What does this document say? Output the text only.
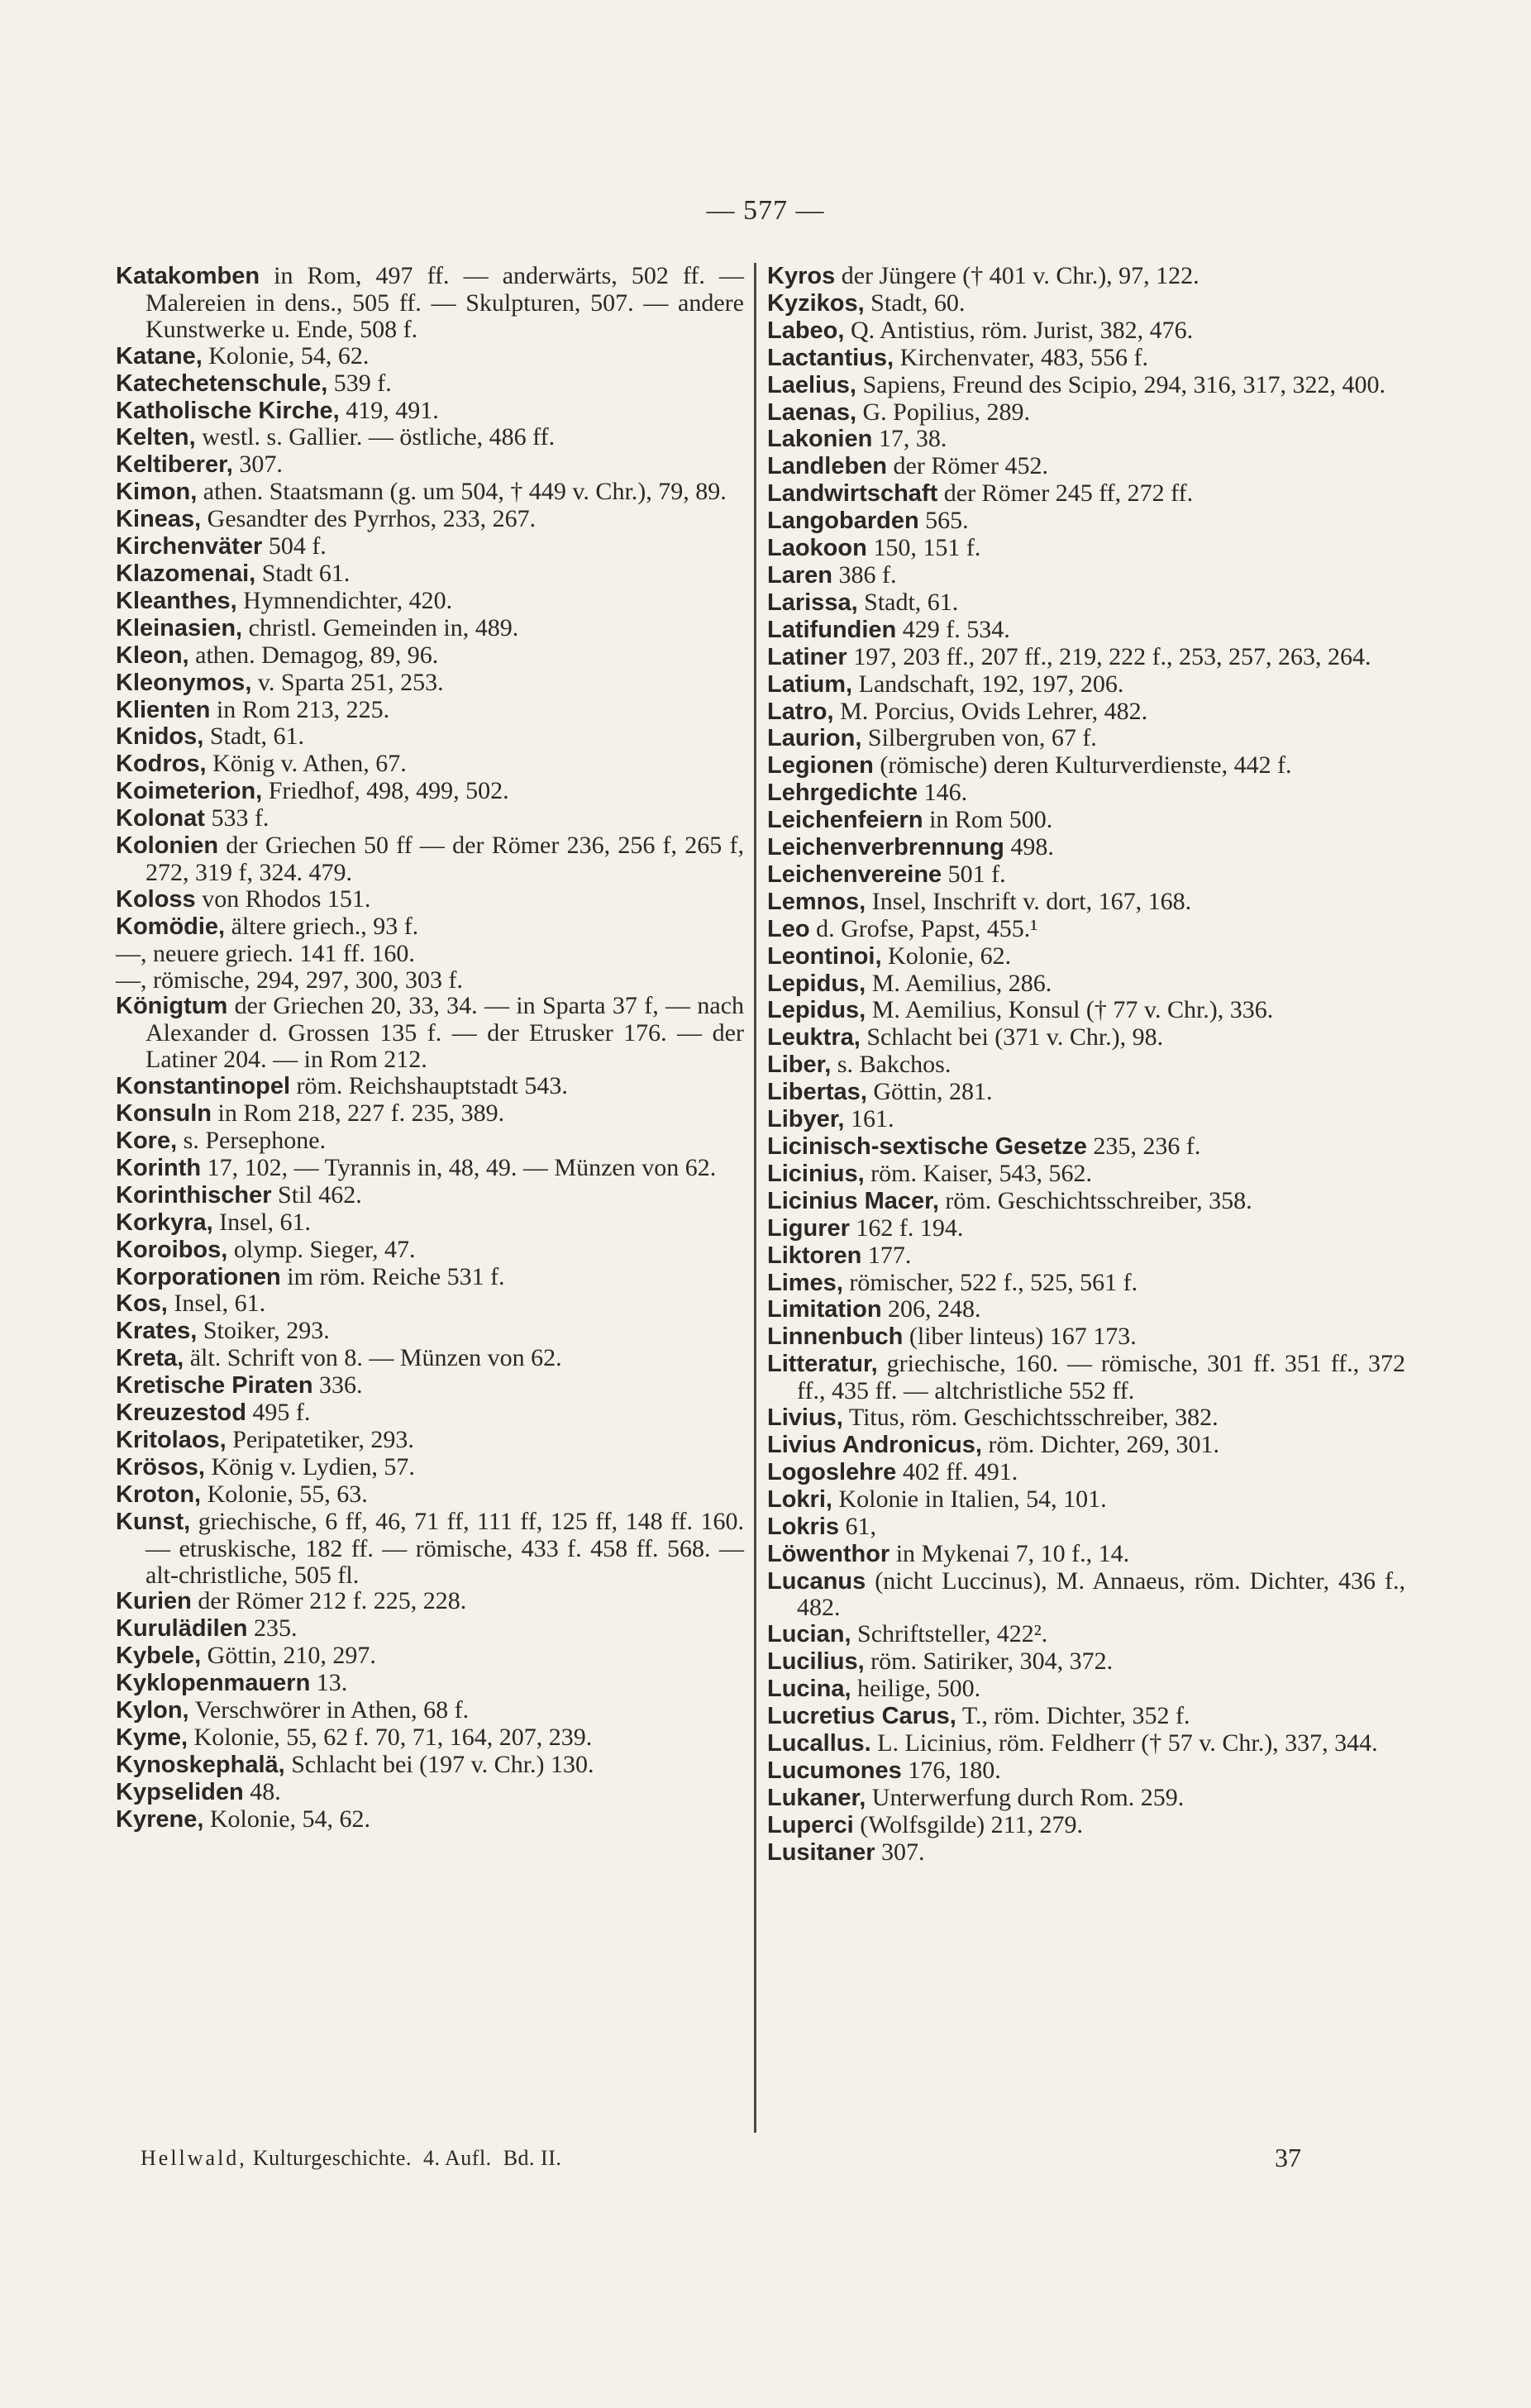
— 577 —

Katakomben in Rom, 497 ff. — anderwärts, 502 ff. — Malereien in dens., 505 ff. — Skulpturen, 507. — andere Kunstwerke u. Ende, 508 f.

Katane, Kolonie, 54, 62.

Katechetenschule, 539 f.

Katholische Kirche, 419, 491.

Kelten, westl. s. Gallier. — östliche, 486 ff.

Keltiberer, 307.

Kimon, athen. Staatsmann (g. um 504, † 449 v. Chr.), 79, 89.

Kineas, Gesandter des Pyrrhos, 233, 267.

Kirchenväter 504 f.

Klazomenai, Stadt 61.

Kleanthes, Hymnendichter, 420.

Kleinasien, christl. Gemeinden in, 489.

Kleon, athen. Demagog, 89, 96.

Kleonymos, v. Sparta 251, 253.

Klienten in Rom 213, 225.

Knidos, Stadt, 61.

Kodros, König v. Athen, 67.

Koimeterion, Friedhof, 498, 499, 502.

Kolonat 533 f.

Kolonien der Griechen 50 ff — der Römer 236, 256 f, 265 f, 272, 319 f, 324. 479.

Koloss von Rhodos 151.

Komödie, ältere griech., 93 f.

—, neuere griech. 141 ff. 160.

—, römische, 294, 297, 300, 303 f.

Königtum der Griechen 20, 33, 34. — in Sparta 37 f, — nach Alexander d. Grossen 135 f. — der Etrusker 176. — der Latiner 204. — in Rom 212.

Konstantinopel röm. Reichshauptstadt 543.

Konsuln in Rom 218, 227 f. 235, 389.

Kore, s. Persephone.

Korinth 17, 102, — Tyrannis in, 48, 49. — Münzen von 62.

Korinthischer Stil 462.

Korkyra, Insel, 61.

Koroibos, olymp. Sieger, 47.

Korporationen im röm. Reiche 531 f.

Kos, Insel, 61.

Krates, Stoiker, 293.

Kreta, ält. Schrift von 8. — Münzen von 62.

Kretische Piraten 336.

Kreuzestod 495 f.

Kritolaos, Peripatetiker, 293.

Krösos, König v. Lydien, 57.

Kroton, Kolonie, 55, 63.

Kunst, griechische, 6 ff, 46, 71 ff, 111 ff, 125 ff, 148 ff. 160. — etruskische, 182 ff. — römische, 433 f. 458 ff. 568. — alt-christliche, 505 fl.

Kurien der Römer 212 f. 225, 228.

Kurulädilen 235.

Kybele, Göttin, 210, 297.

Kyklopenmauern 13.

Kylon, Verschwörer in Athen, 68 f.

Kyme, Kolonie, 55, 62 f. 70, 71, 164, 207, 239.

Kynoskephalä, Schlacht bei (197 v. Chr.) 130.

Kypseliden 48.

Kyrene, Kolonie, 54, 62.

Kyros der Jüngere († 401 v. Chr.), 97, 122.

Kyzikos, Stadt, 60.

Labeo, Q. Antistius, röm. Jurist, 382, 476.

Lactantius, Kirchenvater, 483, 556 f.

Laelius, Sapiens, Freund des Scipio, 294, 316, 317, 322, 400.

Laenas, G. Popilius, 289.

Lakonien 17, 38.

Landleben der Römer 452.

Landwirtschaft der Römer 245 ff, 272 ff.

Langobarden 565.

Laokoon 150, 151 f.

Laren 386 f.

Larissa, Stadt, 61.

Latifundien 429 f. 534.

Latiner 197, 203 ff., 207 ff., 219, 222 f., 253, 257, 263, 264.

Latium, Landschaft, 192, 197, 206.

Latro, M. Porcius, Ovids Lehrer, 482.

Laurion, Silbergruben von, 67 f.

Legionen (römische) deren Kulturverdienste, 442 f.

Lehrgedichte 146.

Leichenfeiern in Rom 500.

Leichenverbrennung 498.

Leichenvereine 501 f.

Lemnos, Insel, Inschrift v. dort, 167, 168.

Leo d. Grofse, Papst, 455.¹

Leontinoi, Kolonie, 62.

Lepidus, M. Aemilius, 286.

Lepidus, M. Aemilius, Konsul († 77 v. Chr.), 336.

Leuktra, Schlacht bei (371 v. Chr.), 98.

Liber, s. Bakchos.

Libertas, Göttin, 281.

Libyer, 161.

Licinisch-sextische Gesetze 235, 236 f.

Licinius, röm. Kaiser, 543, 562.

Licinius Macer, röm. Geschichtsschreiber, 358.

Ligurer 162 f. 194.

Liktoren 177.

Limes, römischer, 522 f., 525, 561 f.

Limitation 206, 248.

Linnenbuch (liber linteus) 167 173.

Litteratur, griechische, 160. — römische, 301 ff. 351 ff., 372 ff., 435 ff. — altchristliche 552 ff.

Livius, Titus, röm. Geschichtsschreiber, 382.

Livius Andronicus, röm. Dichter, 269, 301.

Logoslehre 402 ff. 491.

Lokri, Kolonie in Italien, 54, 101.

Lokris 61,

Löwenthor in Mykenai 7, 10 f., 14.

Lucanus (nicht Luccinus), M. Annaeus, röm. Dichter, 436 f., 482.

Lucian, Schriftsteller, 422².

Lucilius, röm. Satiriker, 304, 372.

Lucina, heilige, 500.

Lucretius Carus, T., röm. Dichter, 352 f.

Lucallus. L. Licinius, röm. Feldherr († 57 v. Chr.), 337, 344.

Lucumones 176, 180.

Lukaner, Unterwerfung durch Rom. 259.

Luperci (Wolfsgilde) 211, 279.

Lusitaner 307.

Hellwald, Kulturgeschichte. 4. Aufl. Bd. II.	37
